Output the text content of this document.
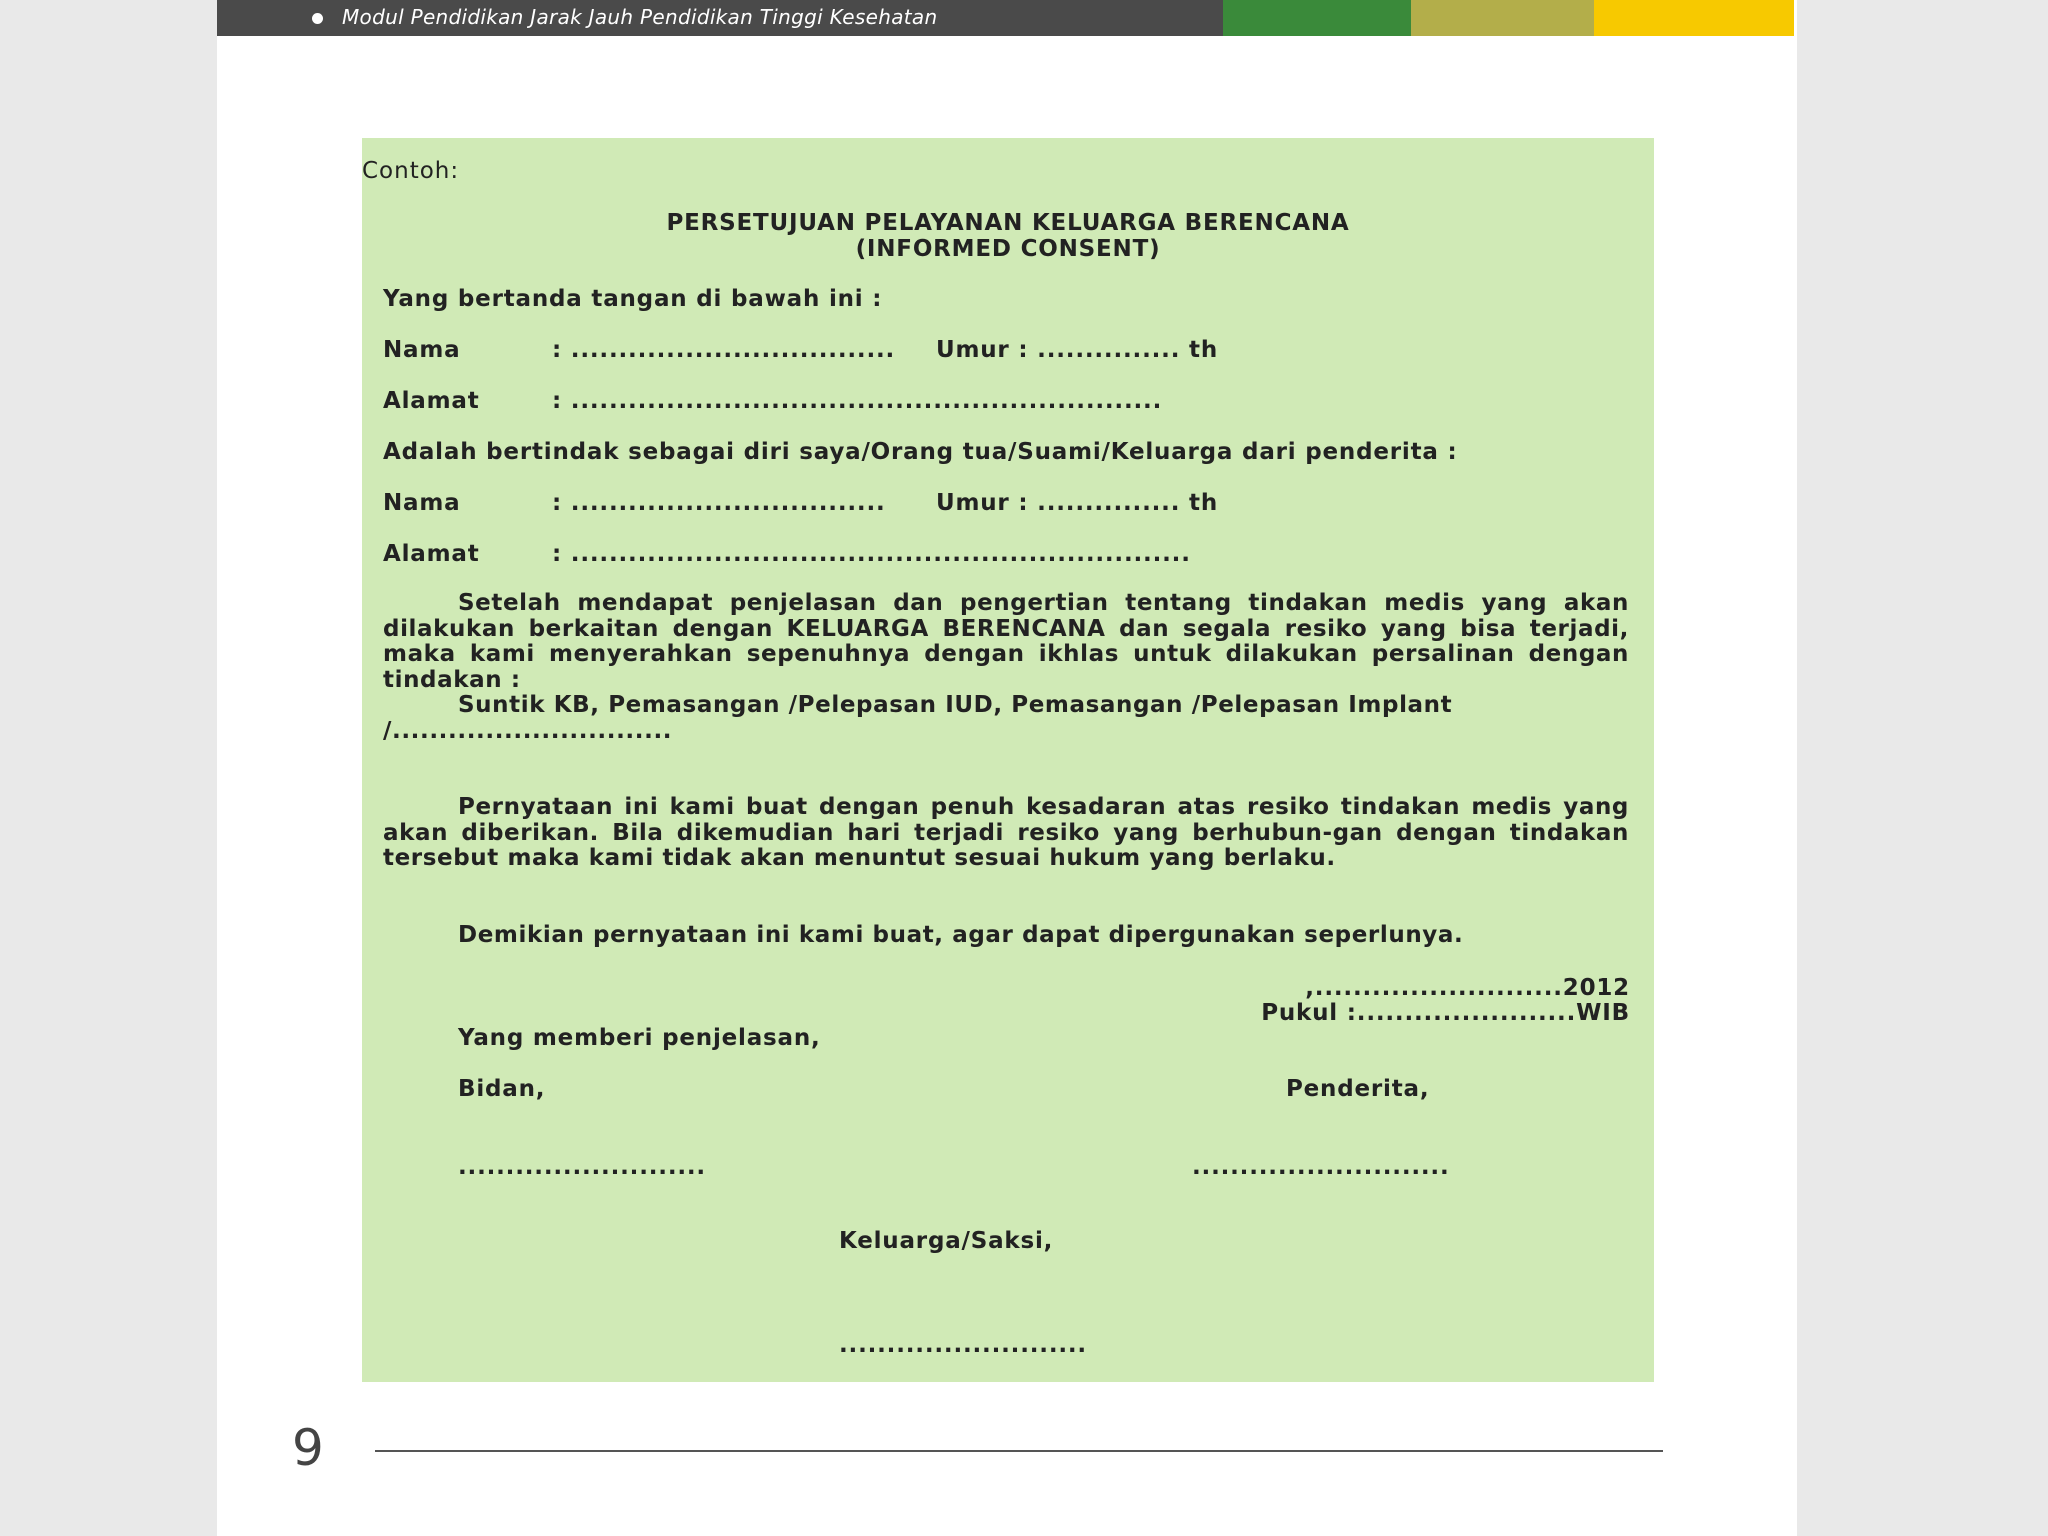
Modul Pendidikan Jarak Jauh Pendidikan Tinggi Kesehatan
Contoh:
PERSETUJUAN PELAYANAN KELUARGA BERENCANA
(INFORMED CONSENT)
Yang bertanda tangan di bawah ini :
Nama	: .................................. Umur : ............... th
Alamat	: ..............................................................
Adalah bertindak sebagai diri saya/Orang tua/Suami/Keluarga dari penderita :
Nama	: ................................. Umur : ............... th
Alamat	: .................................................................
Setelah mendapat penjelasan dan pengertian tentang tindakan medis yang akan dilakukan berkaitan dengan KELUARGA BERENCANA dan segala resiko yang bisa terjadi, maka kami menyerahkan sepenuhnya dengan ikhlas untuk dilakukan persalinan dengan tindakan :
Suntik KB, Pemasangan /Pelepasan IUD, Pemasangan /Pelepasan Implant /..............................
Pernyataan ini kami buat dengan penuh kesadaran atas resiko tindakan medis yang akan diberikan. Bila dikemudian hari terjadi resiko yang berhubun-gan dengan tindakan tersebut maka kami tidak akan menuntut sesuai hukum yang berlaku.
Demikian pernyataan ini kami buat, agar dapat dipergunakan seperlunya.
,..........................2012
Pukul :.......................WIB
Yang memberi penjelasan,
Bidan,	Penderita,
..........................	...........................
Keluarga/Saksi,
..........................
9
